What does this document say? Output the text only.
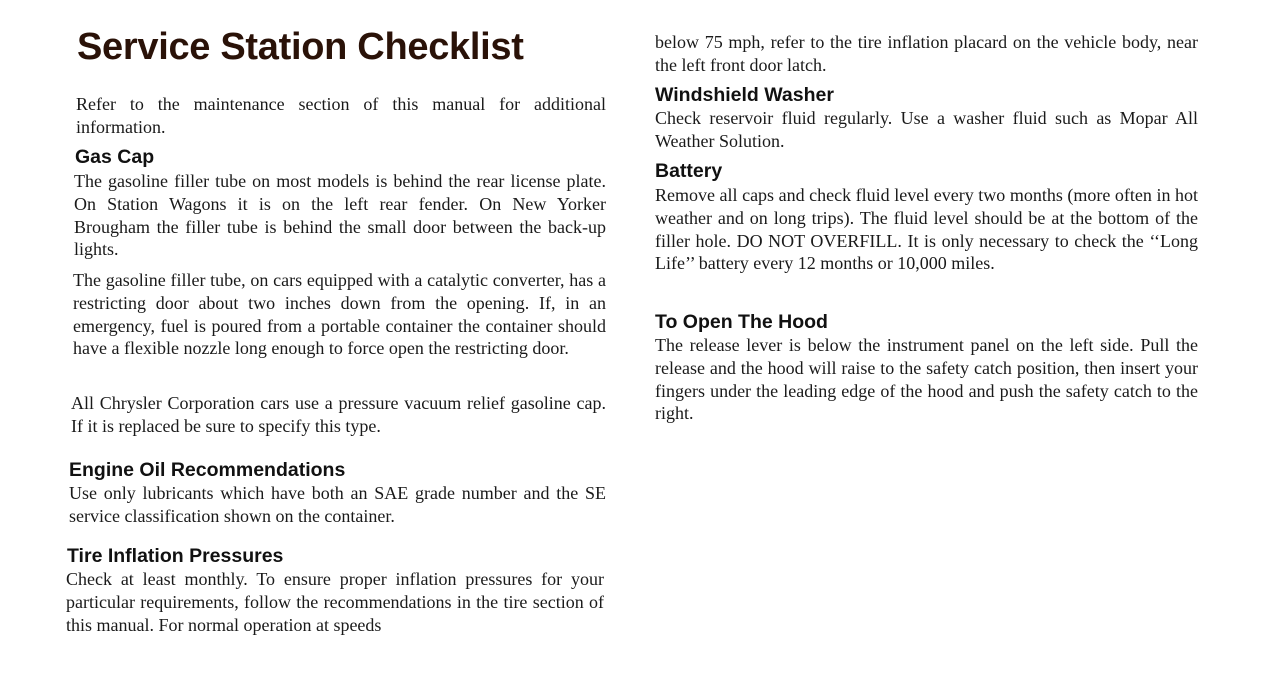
Service Station Checklist

Refer to the maintenance section of this manual for additional information.

Gas Cap

The gasoline filler tube on most models is behind the rear license plate. On Station Wagons it is on the left rear fender. On New Yorker Brougham the filler tube is behind the small door between the back-up lights.

The gasoline filler tube, on cars equipped with a catalytic converter, has a restricting door about two inches down from the opening. If, in an emergency, fuel is poured from a portable container the container should have a flexible nozzle long enough to force open the restricting door.

All Chrysler Corporation cars use a pressure vacuum relief gasoline cap. If it is replaced be sure to specify this type.

Engine Oil Recommendations

Use only lubricants which have both an SAE grade number and the SE service classification shown on the container.

Tire Inflation Pressures

Check at least monthly. To ensure proper inflation pressures for your particular requirements, follow the recommendations in the tire section of this manual. For normal operation at speeds

below 75 mph, refer to the tire inflation placard on the vehicle body, near the left front door latch.

Windshield Washer

Check reservoir fluid regularly. Use a washer fluid such as Mopar All Weather Solution.

Battery

Remove all caps and check fluid level every two months (more often in hot weather and on long trips). The fluid level should be at the bottom of the filler hole. DO NOT OVERFILL. It is only necessary to check the ‘‘Long Life’’ battery every 12 months or 10,000 miles.

To Open The Hood

The release lever is below the instrument panel on the left side. Pull the release and the hood will raise to the safety catch position, then insert your fingers under the leading edge of the hood and push the safety catch to the right.
